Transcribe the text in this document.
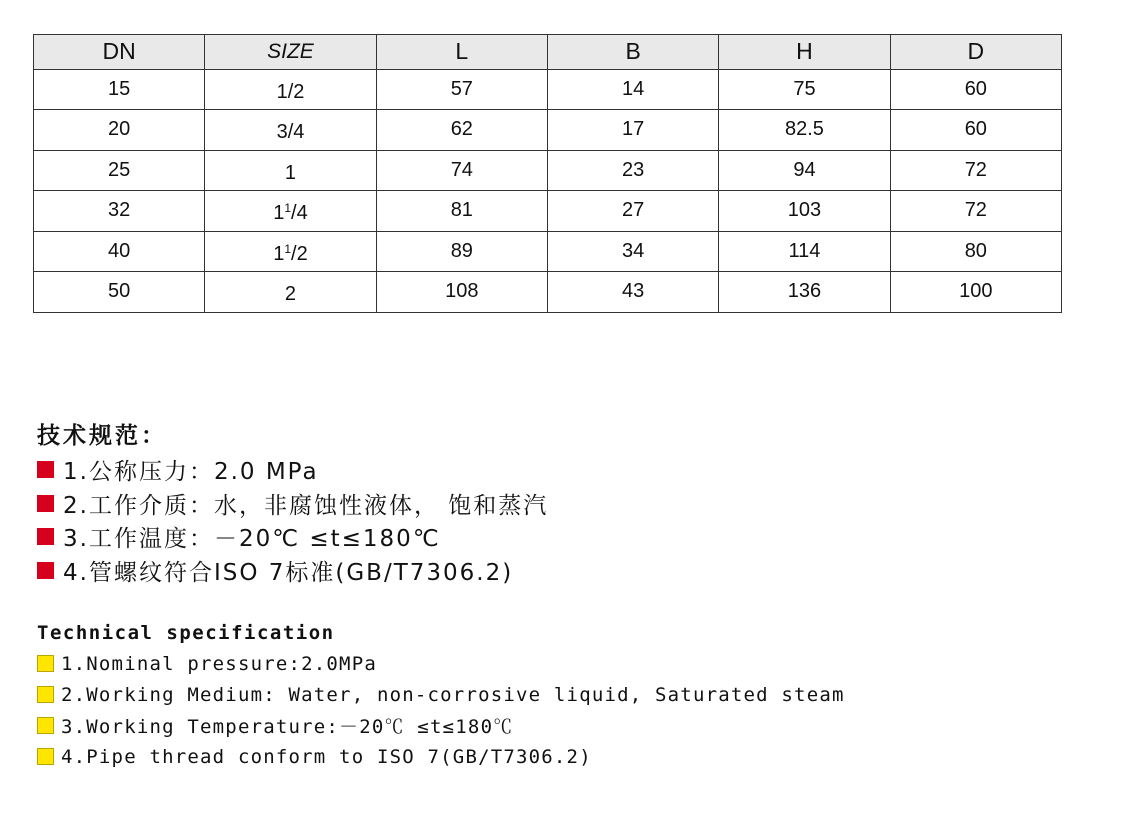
DN	SIZE	L	B	H	D
15	1/2	57	14	75	60
20	3/4	62	17	82.5	60
25	1	74	23	94	72
32	$1^1/4$	81	27	103	72
40	$1^1/2$	89	34	114	80
50	2	108	43	136	100
技术规范：
1.公称压力：2.0 MPa
2.工作介质：水，非腐蚀性液体， 饱和蒸汽
3.工作温度：－20℃ ≤t≤180℃
4.管螺纹符合ISO 7标准(GB/T7306.2)
Technical specification
1.Nominal pressure:2.0MPa
2.Working Medium: Water, non-corrosive liquid, Saturated steam
3.Working Temperature:－20℃ ≤t≤180℃
4.Pipe thread conform to ISO 7(GB/T7306.2)
